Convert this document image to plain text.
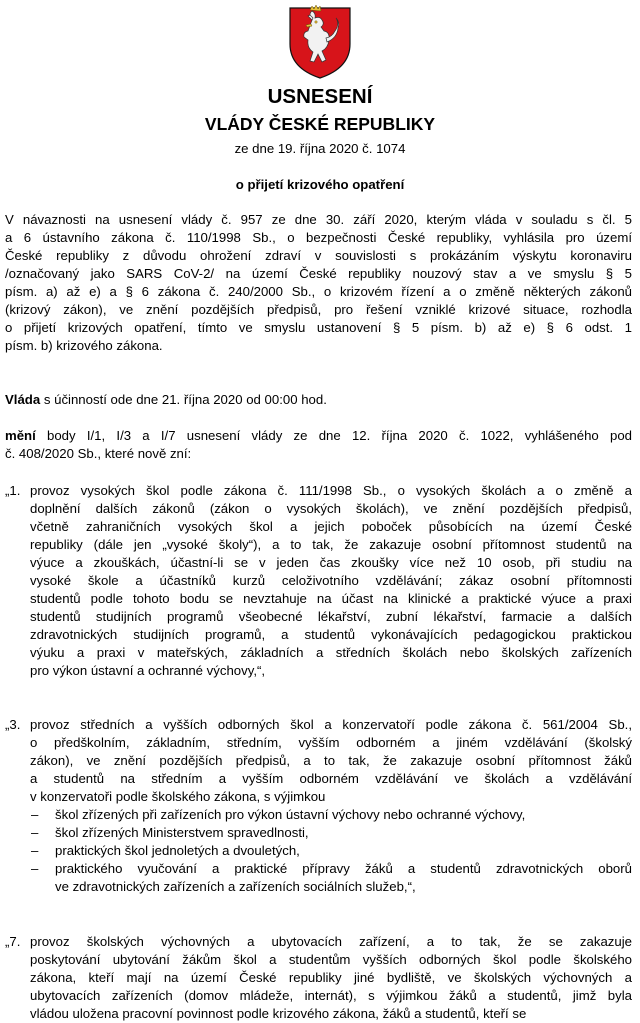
USNESENÍ
VLÁDY ČESKÉ REPUBLIKY
ze dne 19. října 2020 č. 1074
o přijetí krizového opatření
V návaznosti na usnesení vlády č. 957 ze dne 30. září 2020, kterým vláda v souladu s čl. 5
a 6 ústavního zákona č. 110/1998 Sb., o bezpečnosti České republiky, vyhlásila pro území
České republiky z důvodu ohrožení zdraví v souvislosti s prokázáním výskytu koronaviru
/označovaný jako SARS CoV-2/ na území České republiky nouzový stav a ve smyslu § 5
písm. a) až e) a § 6 zákona č. 240/2000 Sb., o krizovém řízení a o změně některých zákonů
(krizový zákon), ve znění pozdějších předpisů, pro řešení vzniklé krizové situace, rozhodla
o přijetí krizových opatření, tímto ve smyslu ustanovení § 5 písm. b) až e) § 6 odst. 1
písm. b) krizového zákona.
Vláda s účinností ode dne 21. října 2020 od 00:00 hod.
mění body I/1, I/3 a I/7 usnesení vlády ze dne 12. října 2020 č. 1022, vyhlášeného pod
č. 408/2020 Sb., které nově zní:
„1. provoz vysokých škol podle zákona č. 111/1998 Sb., o vysokých školách a o změně a
doplnění dalších zákonů (zákon o vysokých školách), ve znění pozdějších předpisů,
včetně zahraničních vysokých škol a jejich poboček působících na území České
republiky (dále jen „vysoké školy“), a to tak, že zakazuje osobní přítomnost studentů na
výuce a zkouškách, účastní-li se v jeden čas zkoušky více než 10 osob, při studiu na
vysoké škole a účastníků kurzů celoživotního vzdělávání; zákaz osobní přítomnosti
studentů podle tohoto bodu se nevztahuje na účast na klinické a praktické výuce a praxi
studentů studijních programů všeobecné lékařství, zubní lékařství, farmacie a dalších
zdravotnických studijních programů, a studentů vykonávajících pedagogickou praktickou
výuku a praxi v mateřských, základních a středních školách nebo školských zařízeních
pro výkon ústavní a ochranné výchovy,“,
„3. provoz středních a vyšších odborných škol a konzervatoří podle zákona č. 561/2004 Sb.,
o předškolním, základním, středním, vyšším odborném a jiném vzdělávání (školský
zákon), ve znění pozdějších předpisů, a to tak, že zakazuje osobní přítomnost žáků
a studentů na středním a vyšším odborném vzdělávání ve školách a vzdělávání
v konzervatoři podle školského zákona, s výjimkou
– škol zřízených při zařízeních pro výkon ústavní výchovy nebo ochranné výchovy,
– škol zřízených Ministerstvem spravedlnosti,
– praktických škol jednoletých a dvouletých,
– praktického vyučování a praktické přípravy žáků a studentů zdravotnických oborů
ve zdravotnických zařízeních a zařízeních sociálních služeb,“,
„7. provoz školských výchovných a ubytovacích zařízení, a to tak, že se zakazuje
poskytování ubytování žákům škol a studentům vyšších odborných škol podle školského
zákona, kteří mají na území České republiky jiné bydliště, ve školských výchovných a
ubytovacích zařízeních (domov mládeže, internát), s výjimkou žáků a studentů, jimž byla
vládou uložena pracovní povinnost podle krizového zákona, žáků a studentů, kteří se
